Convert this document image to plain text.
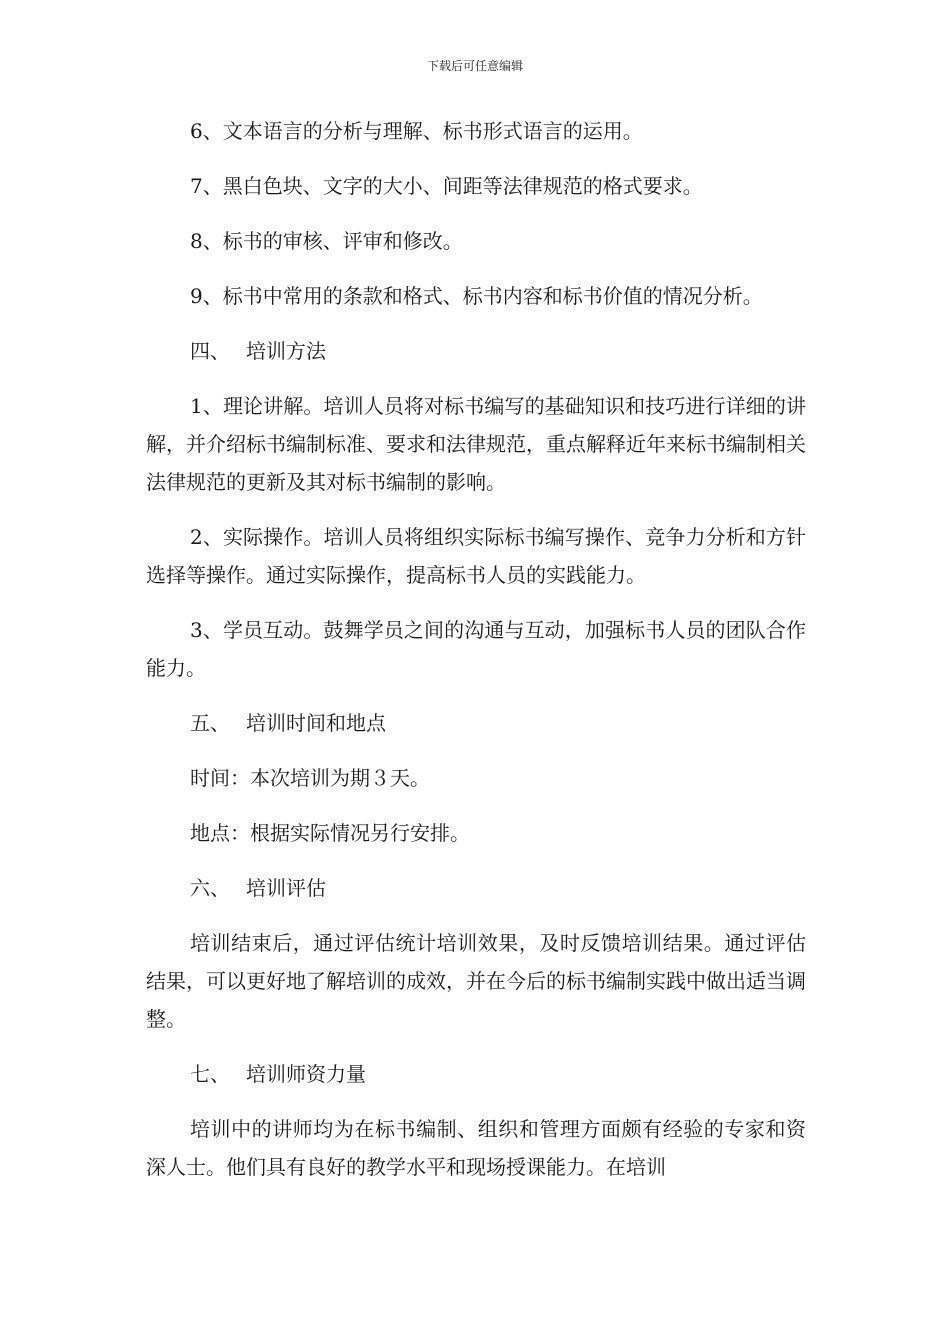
下载后可任意编辑

6、文本语言的分析与理解、标书形式语言的运用。

7、黑白色块、文字的大小、间距等法律规范的格式要求。

8、标书的审核、评审和修改。

9、标书中常用的条款和格式、标书内容和标书价值的情况分析。

四、 培训方法

1、理论讲解。培训人员将对标书编写的基础知识和技巧进行详细的讲解，并介绍标书编制标准、要求和法律规范，重点解释近年来标书编制相关法律规范的更新及其对标书编制的影响。

2、实际操作。培训人员将组织实际标书编写操作、竞争力分析和方针选择等操作。通过实际操作，提高标书人员的实践能力。

3、学员互动。鼓舞学员之间的沟通与互动，加强标书人员的团队合作能力。

五、 培训时间和地点

时间：本次培训为期３天。

地点：根据实际情况另行安排。

六、 培训评估

培训结束后，通过评估统计培训效果，及时反馈培训结果。通过评估结果，可以更好地了解培训的成效，并在今后的标书编制实践中做出适当调整。

七、 培训师资力量

培训中的讲师均为在标书编制、组织和管理方面颇有经验的专家和资深人士。他们具有良好的教学水平和现场授课能力。在培训
